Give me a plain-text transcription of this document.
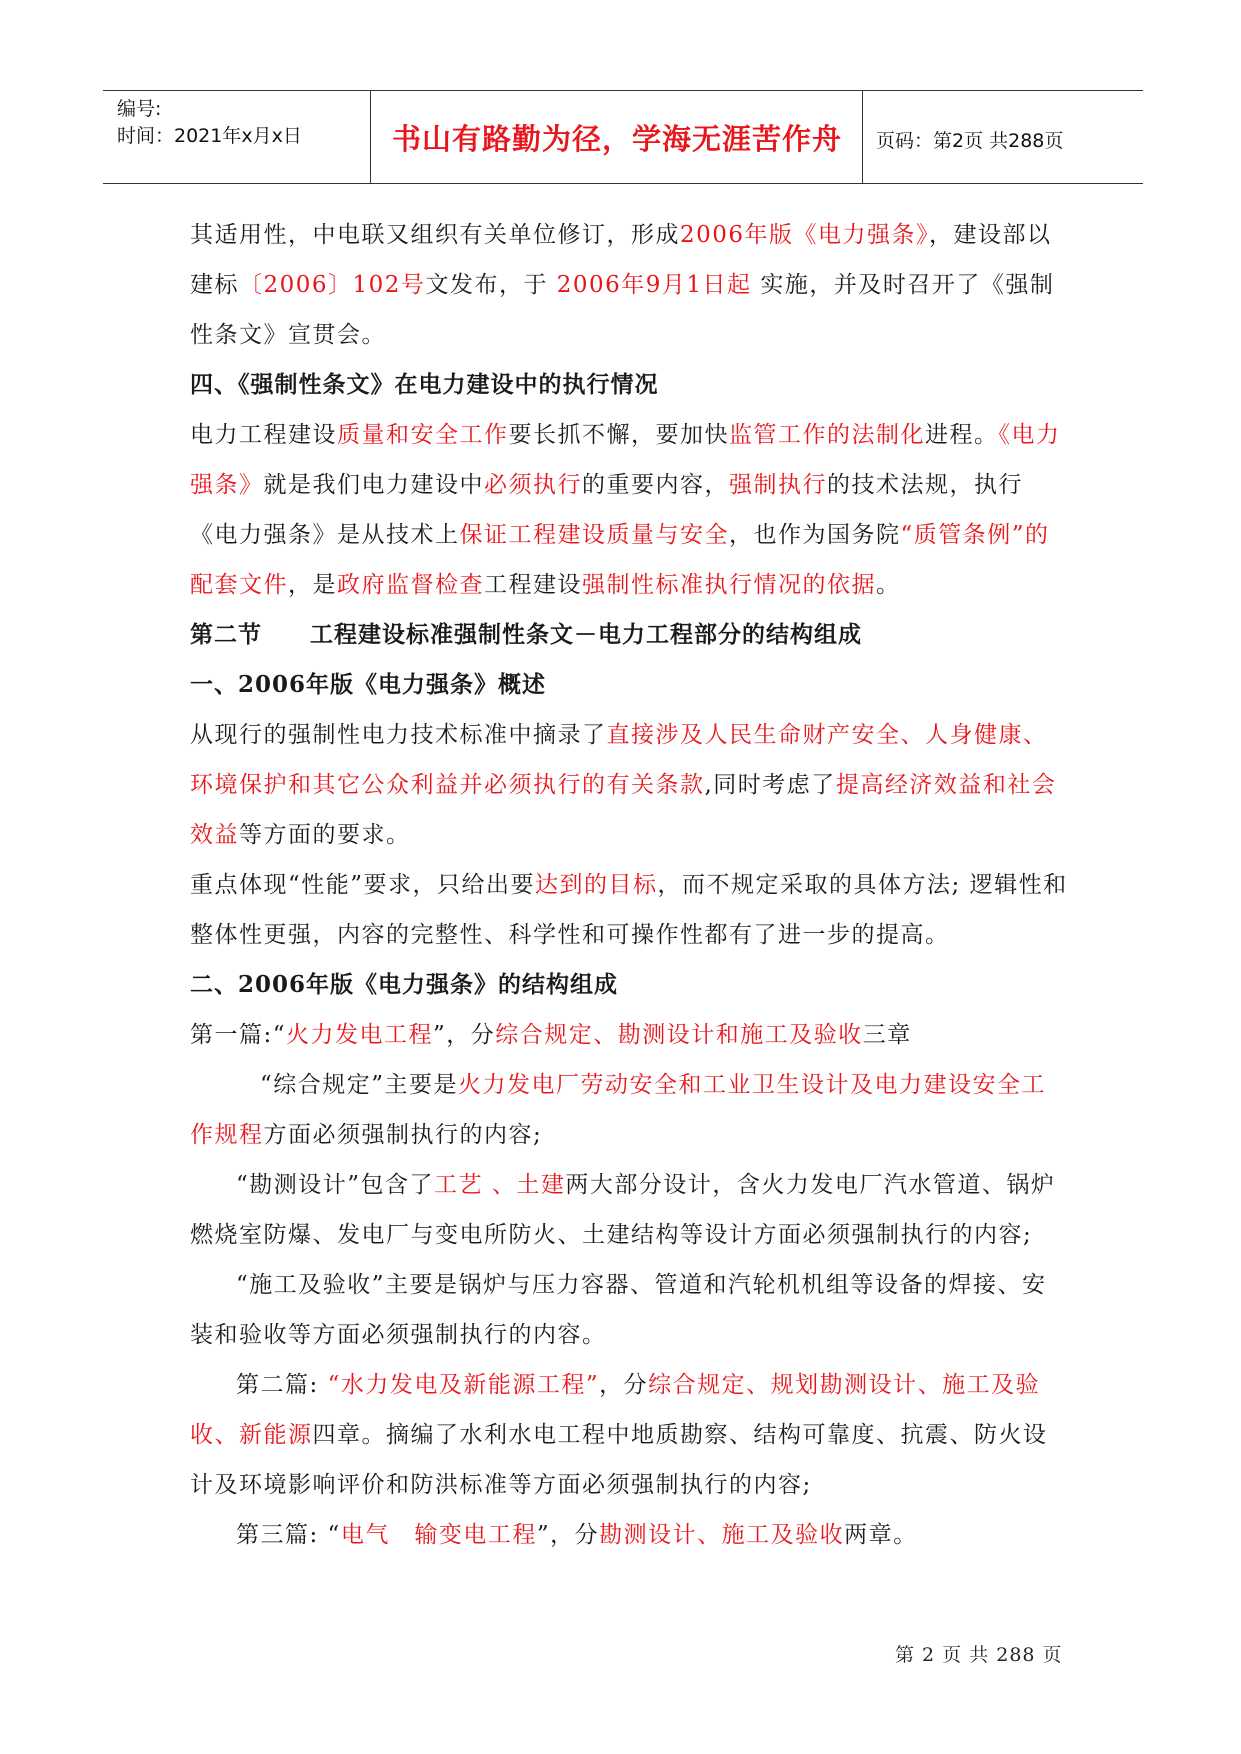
编号:
时间：2021年x月x日	书山有路勤为径，学海无涯苦作舟 页码：第2页 共288页

其适用性，中电联又组织有关单位修订，形成2006年版《电力强条》，建设部以建标〔2006〕102号文发布，于 2006年9月1日起 实施，并及时召开了《强制性条文》宣贯会。

四、《强制性条文》在电力建设中的执行情况

电力工程建设质量和安全工作要长抓不懈，要加快监管工作的法制化进程。《电力强条》就是我们电力建设中必须执行的重要内容，强制执行的技术法规，执行《电力强条》是从技术上保证工程建设质量与安全，也作为国务院“质管条例”的配套文件，是政府监督检查工程建设强制性标准执行情况的依据。

第二节　　工程建设标准强制性条文－电力工程部分的结构组成

一、2006年版《电力强条》概述

从现行的强制性电力技术标准中摘录了直接涉及人民生命财产安全、人身健康、环境保护和其它公众利益并必须执行的有关条款,同时考虑了提高经济效益和社会效益等方面的要求。

重点体现“性能”要求，只给出要达到的目标，而不规定采取的具体方法; 逻辑性和整体性更强，内容的完整性、科学性和可操作性都有了进一步的提高。

二、2006年版《电力强条》的结构组成

第一篇:“火力发电工程”，分综合规定、勘测设计和施工及验收三章

“综合规定”主要是火力发电厂劳动安全和工业卫生设计及电力建设安全工作规程方面必须强制执行的内容;

“勘测设计”包含了工艺 、土建两大部分设计，含火力发电厂汽水管道、锅炉燃烧室防爆、发电厂与变电所防火、土建结构等设计方面必须强制执行的内容;

“施工及验收”主要是锅炉与压力容器、管道和汽轮机机组等设备的焊接、安装和验收等方面必须强制执行的内容。

第二篇: “水力发电及新能源工程”，分综合规定、规划勘测设计、施工及验收、新能源四章。摘编了水利水电工程中地质勘察、结构可靠度、抗震、防火设计及环境影响评价和防洪标准等方面必须强制执行的内容;

第三篇: “电气　输变电工程”，分勘测设计、施工及验收两章。

第 2 页 共 288 页
